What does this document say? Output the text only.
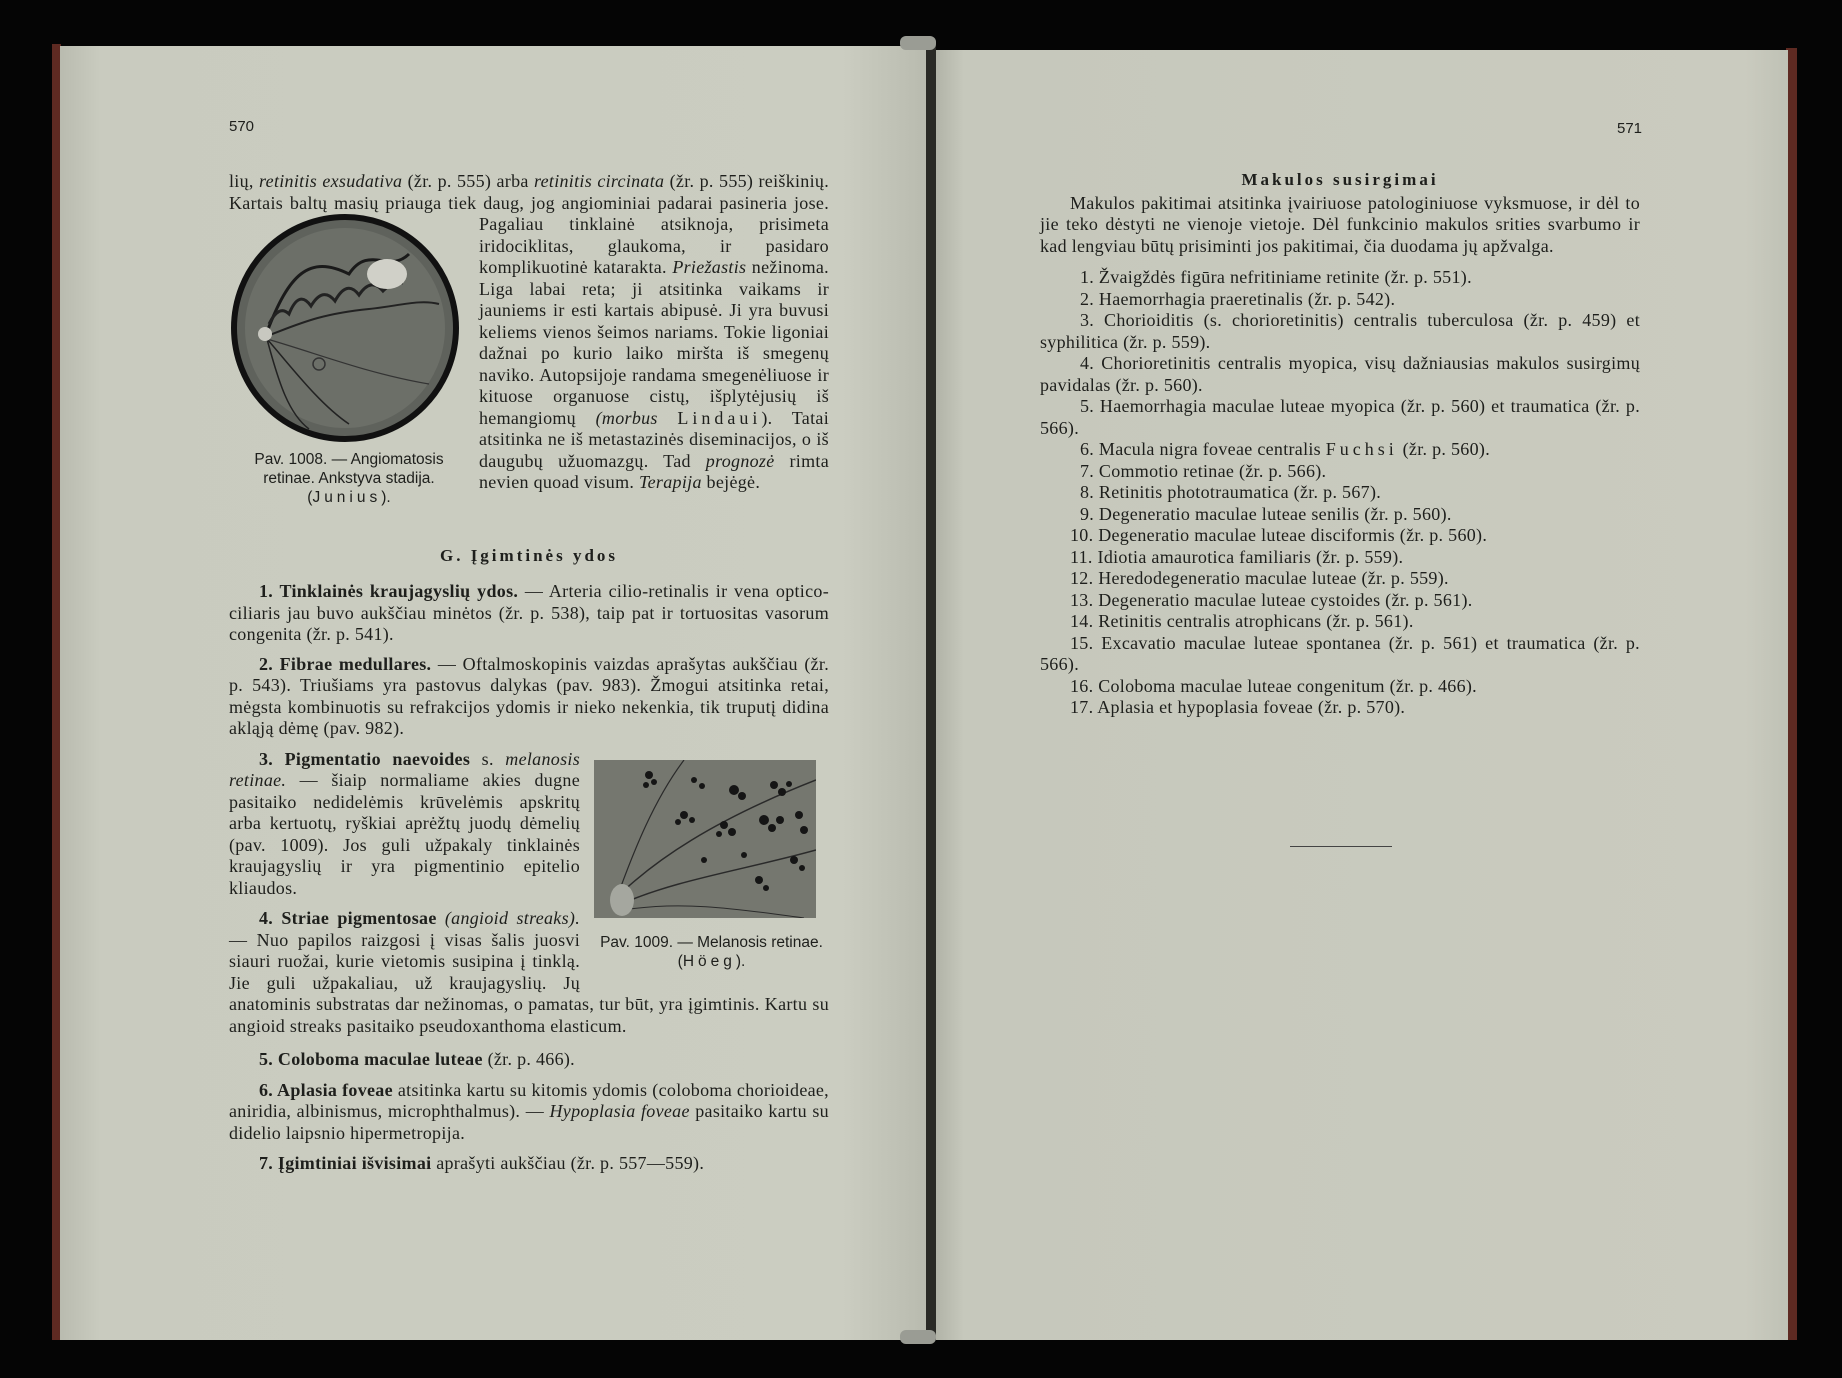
570
Pav. 1008. — Angiomatosis retinae. Ankstyva stadija. (Junius).

lių, retinitis exsudativa (žr. p. 555) arba retinitis circinata (žr. p. 555) reiškinių. Kartais baltų masių priauga tiek daug, jog angiominiai padarai pasineria jose. Pagaliau tinklainė atsiknoja, prisimeta iridociklitas, glaukoma, ir pasidaro komplikuotinė katarakta. Priežastis nežinoma. Liga labai reta; ji atsitinka vaikams ir jauniems ir esti kartais abipusė. Ji yra buvusi keliems vienos šeimos nariams. Tokie ligoniai dažnai po kurio laiko miršta iš smegenų naviko. Autopsijoje randama smegenėliuose ir kituose organuose cistų, išplytėjusių iš hemangiomų (morbus Lindaui). Tatai atsitinka ne iš metastazinės diseminacijos, o iš daugubų užuomazgų. Tad prognozė rimta nevien quoad visum. Terapija bejėgė.

G. Įgimtinės ydos

1. Tinklainės kraujagyslių ydos. — Arteria cilio-retinalis ir vena optico-ciliaris jau buvo aukščiau minėtos (žr. p. 538), taip pat ir tortuositas vasorum congenita (žr. p. 541).

2. Fibrae medullares. — Oftalmoskopinis vaizdas aprašytas aukščiau (žr. p. 543). Triušiams yra pastovus dalykas (pav. 983). Žmogui atsitinka retai, mėgsta kombinuotis su refrakcijos ydomis ir nieko nekenkia, tik truputį didina akląją dėmę (pav. 982).

Pav. 1009. — Melanosis retinae. (Höeg).

3. Pigmentatio naevoides s. melanosis retinae. — šiaip normaliame akies dugne pasitaiko nedidelėmis krūvelėmis apskritų arba kertuotų, ryškiai aprėžtų juodų dėmelių (pav. 1009). Jos guli užpakaly tinklainės kraujagyslių ir yra pigmentinio epitelio kliaudos.

4. Striae pigmentosae (angioid streaks). — Nuo papilos raizgosi į visas šalis juosvi siauri ruožai, kurie vietomis susipina į tinklą. Jie guli užpakaliau, už kraujagyslių. Jų anatominis substratas dar nežinomas, o pamatas, tur būt, yra įgimtinis. Kartu su angioid streaks pasitaiko pseudoxanthoma elasticum.

5. Coloboma maculae luteae (žr. p. 466).

6. Aplasia foveae atsitinka kartu su kitomis ydomis (coloboma chorioideae, aniridia, albinismus, microphthalmus). — Hypoplasia foveae pasitaiko kartu su didelio laipsnio hipermetropija.

7. Įgimtiniai išvisimai aprašyti aukščiau (žr. p. 557—559).

571
Makulos susirgimai

Makulos pakitimai atsitinka įvairiuose patologiniuose vyksmuose, ir dėl to jie teko dėstyti ne vienoje vietoje. Dėl funkcinio makulos srities svarbumo ir kad lengviau būtų prisiminti jos pakitimai, čia duodama jų apžvalga.

1. Žvaigždės figūra nefritiniame retinite (žr. p. 551).

2. Haemorrhagia praeretinalis (žr. p. 542).

3. Chorioiditis (s. chorioretinitis) centralis tuberculosa (žr. p. 459) et syphilitica (žr. p. 559).

4. Chorioretinitis centralis myopica, visų dažniausias makulos susirgimų pavidalas (žr. p. 560).

5. Haemorrhagia maculae luteae myopica (žr. p. 560) et traumatica (žr. p. 566).

6. Macula nigra foveae centralis Fuchsi (žr. p. 560).

7. Commotio retinae (žr. p. 566).

8. Retinitis phototraumatica (žr. p. 567).

9. Degeneratio maculae luteae senilis (žr. p. 560).

10. Degeneratio maculae luteae disciformis (žr. p. 560).

11. Idiotia amaurotica familiaris (žr. p. 559).

12. Heredodegeneratio maculae luteae (žr. p. 559).

13. Degeneratio maculae luteae cystoides (žr. p. 561).

14. Retinitis centralis atrophicans (žr. p. 561).

15. Excavatio maculae luteae spontanea (žr. p. 561) et traumatica (žr. p. 566).

16. Coloboma maculae luteae congenitum (žr. p. 466).

17. Aplasia et hypoplasia foveae (žr. p. 570).
